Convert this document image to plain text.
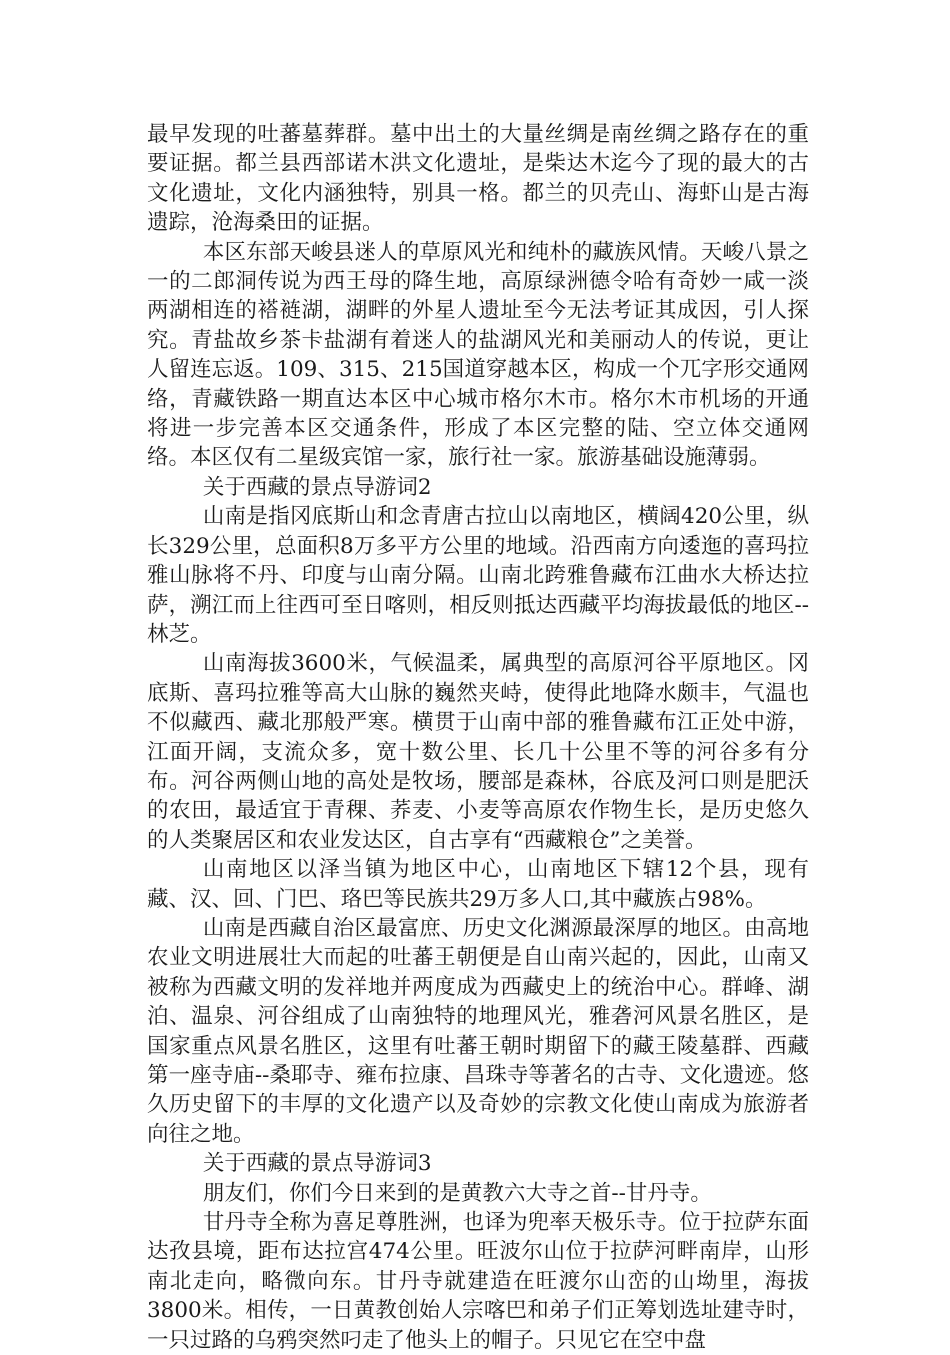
最早发现的吐蕃墓葬群。墓中出土的大量丝绸是南丝绸之路存在的重要证据。都兰县西部诺木洪文化遗址，是柴达木迄今了现的最大的古文化遗址，文化内涵独特，别具一格。都兰的贝壳山、海虾山是古海遗踪，沧海桑田的证据。

本区东部天峻县迷人的草原风光和纯朴的藏族风情。天峻八景之一的二郎洞传说为西王母的降生地，高原绿洲德令哈有奇妙一咸一淡两湖相连的褡裢湖，湖畔的外星人遗址至今无法考证其成因，引人探究。青盐故乡茶卡盐湖有着迷人的盐湖风光和美丽动人的传说，更让人留连忘返。109、315、215国道穿越本区，构成一个兀字形交通网络，青藏铁路一期直达本区中心城市格尔木市。格尔木市机场的开通将进一步完善本区交通条件，形成了本区完整的陆、空立体交通网络。本区仅有二星级宾馆一家，旅行社一家。旅游基础设施薄弱。

关于西藏的景点导游词2

山南是指冈底斯山和念青唐古拉山以南地区，横阔420公里，纵长329公里，总面积8万多平方公里的地域。沿西南方向逶迤的喜玛拉雅山脉将不丹、印度与山南分隔。山南北跨雅鲁藏布江曲水大桥达拉萨，溯江而上往西可至日喀则，相反则抵达西藏平均海拔最低的地区--林芝。

山南海拔3600米，气候温柔，属典型的高原河谷平原地区。冈底斯、喜玛拉雅等高大山脉的巍然夹峙，使得此地降水颇丰，气温也不似藏西、藏北那般严寒。横贯于山南中部的雅鲁藏布江正处中游，江面开阔，支流众多，宽十数公里、长几十公里不等的河谷多有分布。河谷两侧山地的高处是牧场，腰部是森林，谷底及河口则是肥沃的农田，最适宜于青稞、荞麦、小麦等高原农作物生长，是历史悠久的人类聚居区和农业发达区，自古享有“西藏粮仓”之美誉。

山南地区以泽当镇为地区中心，山南地区下辖12个县，现有藏、汉、回、门巴、珞巴等民族共29万多人口,其中藏族占98%。

山南是西藏自治区最富庶、历史文化渊源最深厚的地区。由高地农业文明进展壮大而起的吐蕃王朝便是自山南兴起的，因此，山南又被称为西藏文明的发祥地并两度成为西藏史上的统治中心。群峰、湖泊、温泉、河谷组成了山南独特的地理风光，雅砻河风景名胜区，是国家重点风景名胜区，这里有吐蕃王朝时期留下的藏王陵墓群、西藏第一座寺庙--桑耶寺、雍布拉康、昌珠寺等著名的古寺、文化遗迹。悠久历史留下的丰厚的文化遗产以及奇妙的宗教文化使山南成为旅游者向往之地。

关于西藏的景点导游词3

朋友们，你们今日来到的是黄教六大寺之首--甘丹寺。

甘丹寺全称为喜足尊胜洲，也译为兜率天极乐寺。位于拉萨东面达孜县境，距布达拉宫474公里。旺波尔山位于拉萨河畔南岸，山形南北走向，略微向东。甘丹寺就建造在旺渡尔山峦的山坳里，海拔3800米。相传，一日黄教创始人宗喀巴和弟子们正筹划选址建寺时，一只过路的乌鸦突然叼走了他头上的帽子。只见它在空中盘
